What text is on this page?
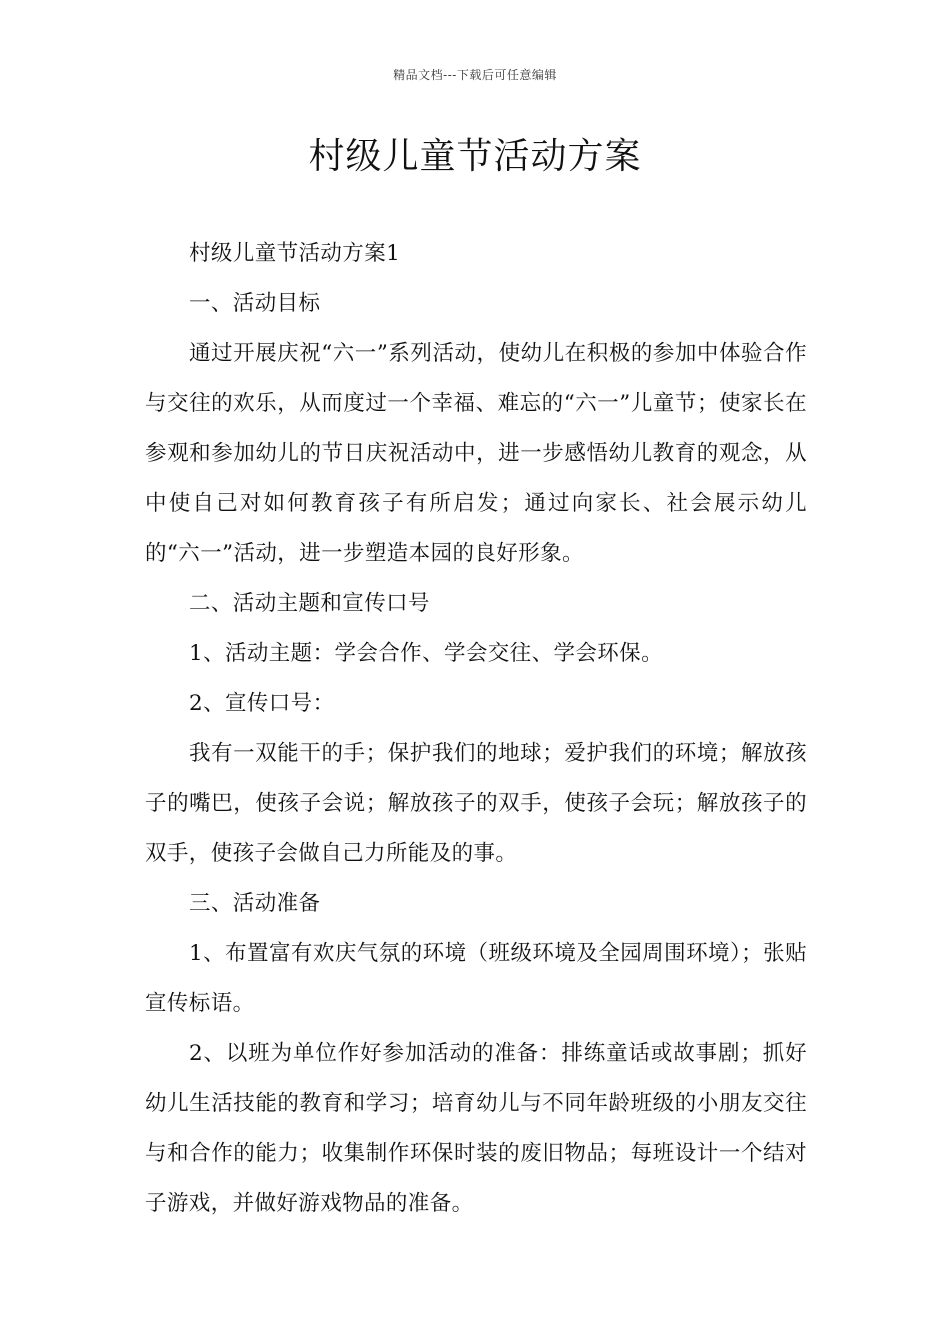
精品文档---下载后可任意编辑
村级儿童节活动方案

村级儿童节活动方案1

一、活动目标

通过开展庆祝“六一”系列活动，使幼儿在积极的参加中体验合作与交往的欢乐，从而度过一个幸福、难忘的“六一”儿童节；使家长在参观和参加幼儿的节日庆祝活动中，进一步感悟幼儿教育的观念，从中使自己对如何教育孩子有所启发；通过向家长、社会展示幼儿的“六一”活动，进一步塑造本园的良好形象。

二、活动主题和宣传口号

1、活动主题：学会合作、学会交往、学会环保。

2、宣传口号：

我有一双能干的手；保护我们的地球；爱护我们的环境；解放孩子的嘴巴，使孩子会说；解放孩子的双手，使孩子会玩；解放孩子的双手，使孩子会做自己力所能及的事。

三、活动准备

1、布置富有欢庆气氛的环境（班级环境及全园周围环境）；张贴宣传标语。

2、以班为单位作好参加活动的准备：排练童话或故事剧；抓好幼儿生活技能的教育和学习；培育幼儿与不同年龄班级的小朋友交往与和合作的能力；收集制作环保时装的废旧物品；每班设计一个结对子游戏，并做好游戏物品的准备。
